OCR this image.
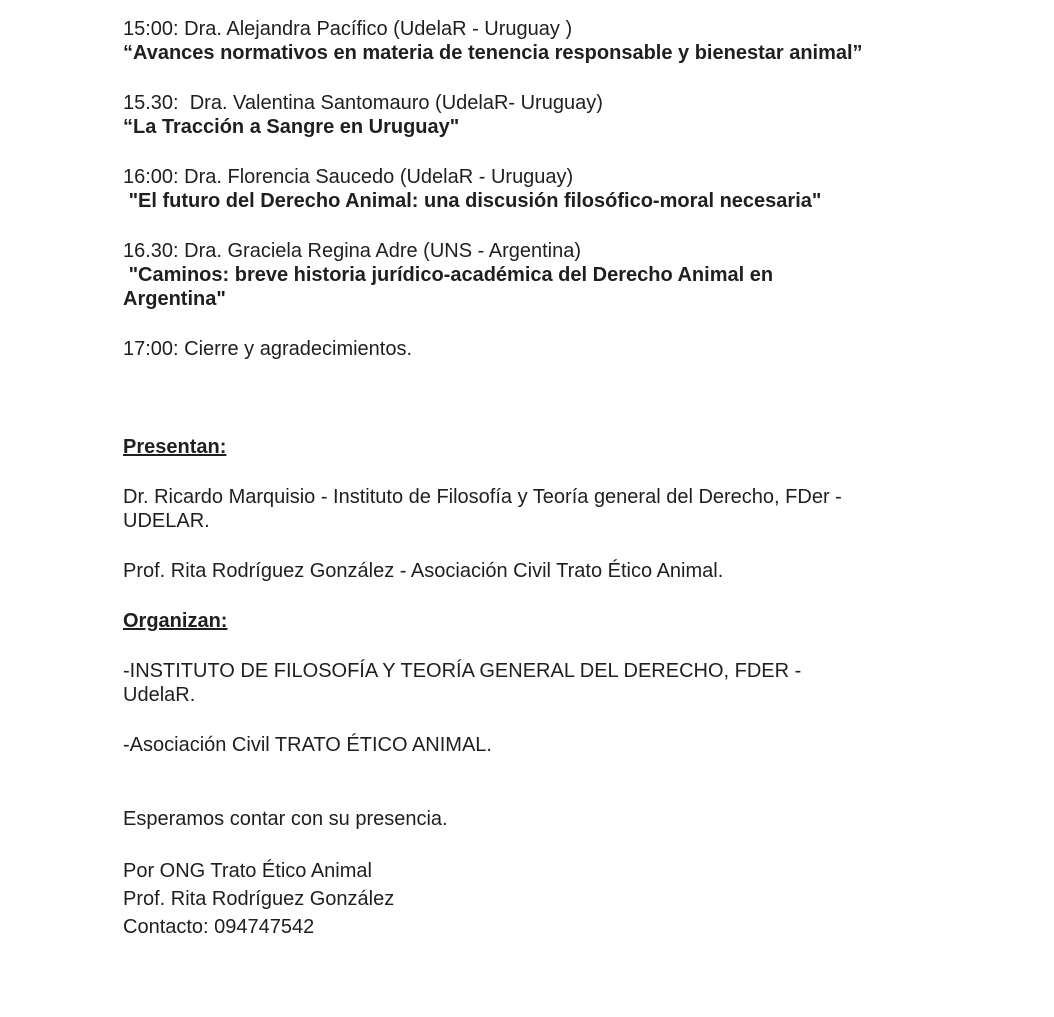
15:00: Dra. Alejandra Pacífico (UdelaR - Uruguay )
“Avances normativos en materia de tenencia responsable y bienestar animal”
15.30:  Dra. Valentina Santomauro (UdelaR- Uruguay)
“La Tracción a Sangre en Uruguay"
16:00: Dra. Florencia Saucedo (UdelaR - Uruguay)
"El futuro del Derecho Animal: una discusión filosófico-moral necesaria"
16.30: Dra. Graciela Regina Adre (UNS - Argentina)
"Caminos: breve historia jurídico-académica del Derecho Animal en
Argentina"
17:00: Cierre y agradecimientos.
Presentan:
Dr. Ricardo Marquisio - Instituto de Filosofía y Teoría general del Derecho, FDer -
UDELAR.
Prof. Rita Rodríguez González - Asociación Civil Trato Ético Animal.
Organizan:
-INSTITUTO DE FILOSOFÍA Y TEORÍA GENERAL DEL DERECHO, FDER -
UdelaR.
-Asociación Civil TRATO ÉTICO ANIMAL.
Esperamos contar con su presencia.
Por ONG Trato Ético Animal
Prof. Rita Rodríguez González
Contacto: 094747542
